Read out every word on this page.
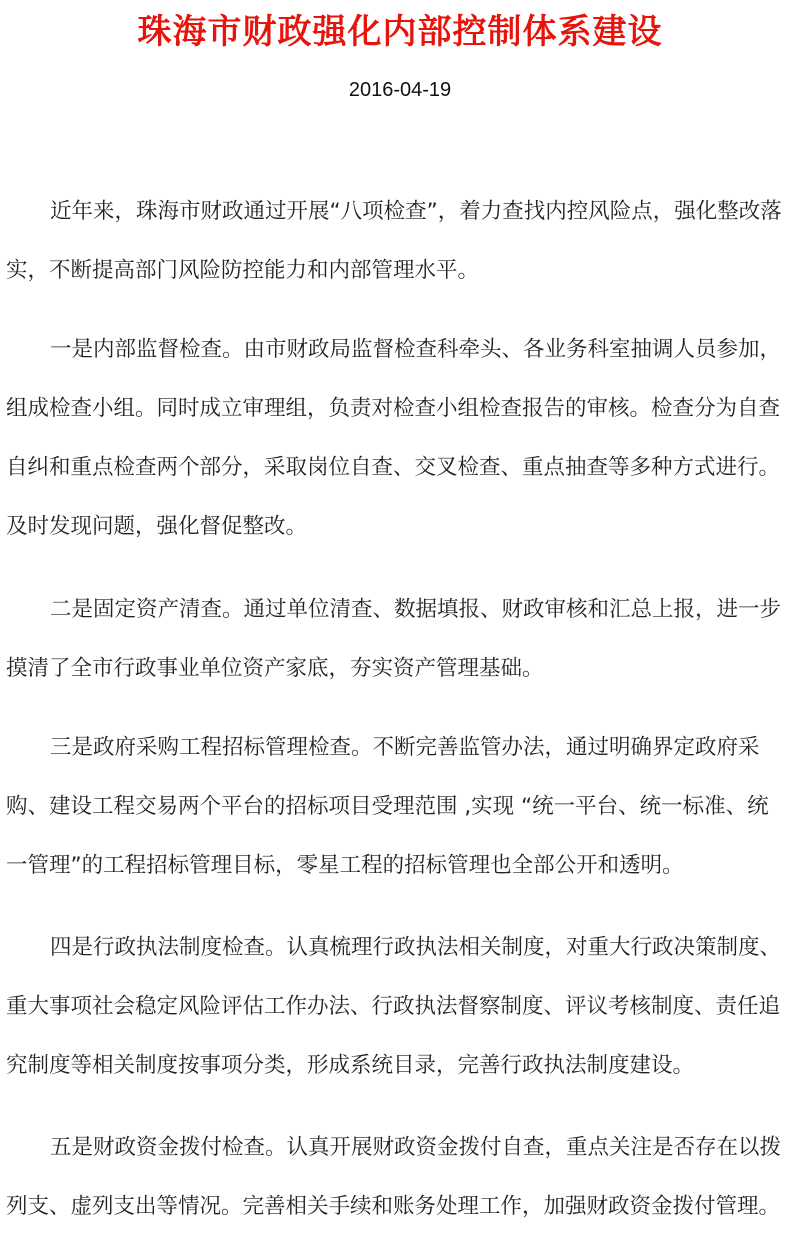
珠海市财政强化内部控制体系建设

2016-04-19

近年来，珠海市财政通过开展“八项检查”，着力查找内控风险点，强化整改落实，不断提高部门风险防控能力和内部管理水平。

一是内部监督检查。由市财政局监督检查科牵头、各业务科室抽调人员参加，组成检查小组。同时成立审理组，负责对检查小组检查报告的审核。检查分为自查自纠和重点检查两个部分，采取岗位自查、交叉检查、重点抽查等多种方式进行。及时发现问题，强化督促整改。

二是固定资产清查。通过单位清查、数据填报、财政审核和汇总上报，进一步摸清了全市行政事业单位资产家底，夯实资产管理基础。

三是政府采购工程招标管理检查。不断完善监管办法，通过明确界定政府采购、建设工程交易两个平台的招标项目受理范围 ,实现 “统一平台、统一标准、统一管理”的工程招标管理目标，零星工程的招标管理也全部公开和透明。

四是行政执法制度检查。认真梳理行政执法相关制度，对重大行政决策制度、重大事项社会稳定风险评估工作办法、行政执法督察制度、评议考核制度、责任追究制度等相关制度按事项分类，形成系统目录，完善行政执法制度建设。

五是财政资金拨付检查。认真开展财政资金拨付自查，重点关注是否存在以拨列支、虚列支出等情况。完善相关手续和账务处理工作，加强财政资金拨付管理。
